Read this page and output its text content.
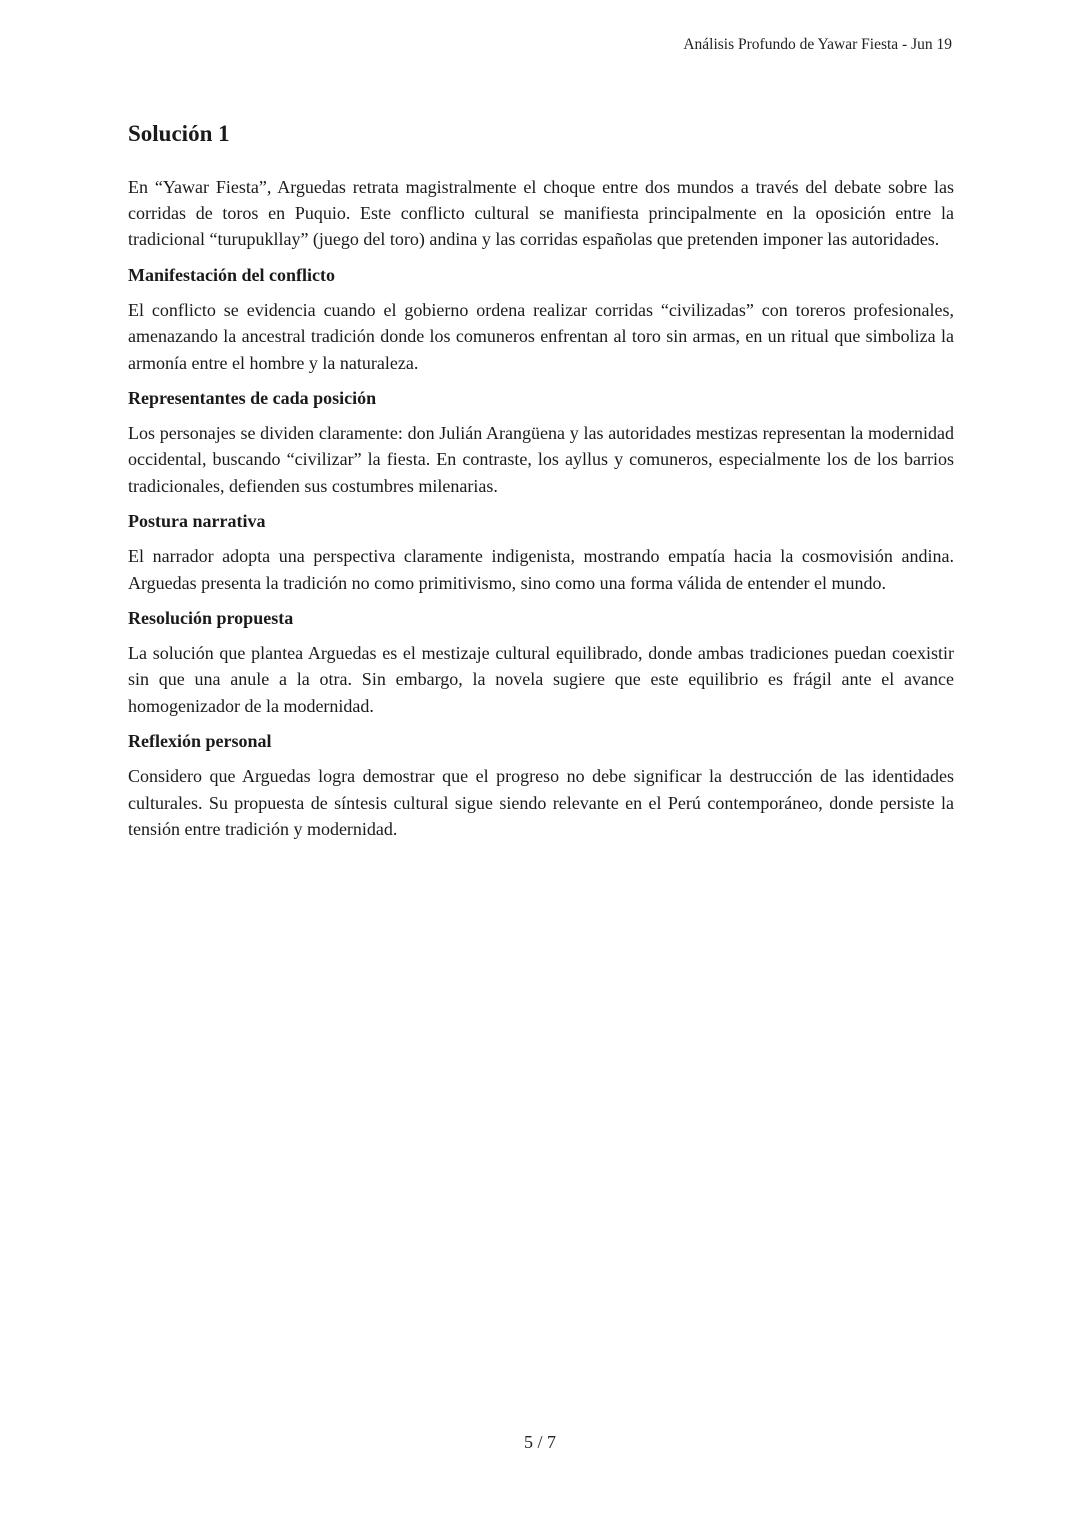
Análisis Profundo de Yawar Fiesta - Jun 19
Solución 1

En “Yawar Fiesta”, Arguedas retrata magistralmente el choque entre dos mundos a través del debate sobre las corridas de toros en Puquio. Este conflicto cultural se manifiesta principalmente en la oposición entre la tradicional “turupukllay” (juego del toro) andina y las corridas españolas que pretenden imponer las autoridades.

Manifestación del conflicto

El conflicto se evidencia cuando el gobierno ordena realizar corridas “civilizadas” con toreros profesionales, amenazando la ancestral tradición donde los comuneros enfrentan al toro sin armas, en un ritual que simboliza la armonía entre el hombre y la naturaleza.

Representantes de cada posición

Los personajes se dividen claramente: don Julián Arangüena y las autoridades mestizas representan la modernidad occidental, buscando “civilizar” la fiesta. En contraste, los ayllus y comuneros, especialmente los de los barrios tradicionales, defienden sus costumbres milenarias.

Postura narrativa

El narrador adopta una perspectiva claramente indigenista, mostrando empatía hacia la cosmovisión andina. Arguedas presenta la tradición no como primitivismo, sino como una forma válida de entender el mundo.

Resolución propuesta

La solución que plantea Arguedas es el mestizaje cultural equilibrado, donde ambas tradiciones puedan coexistir sin que una anule a la otra. Sin embargo, la novela sugiere que este equilibrio es frágil ante el avance homogenizador de la modernidad.

Reflexión personal

Considero que Arguedas logra demostrar que el progreso no debe significar la destrucción de las identidades culturales. Su propuesta de síntesis cultural sigue siendo relevante en el Perú contemporáneo, donde persiste la tensión entre tradición y modernidad.

5 / 7
